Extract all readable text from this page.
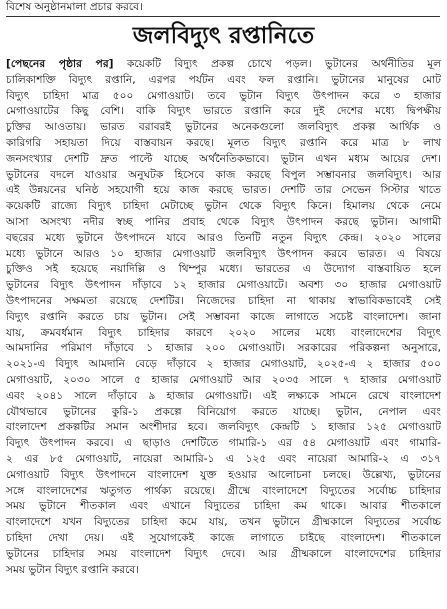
বিশেষ অনুষ্ঠানমালা প্রচার করবে।
জলবিদ্যুৎ রপ্তানিতে
[পেছনের পৃষ্ঠার পর] কয়েকটি বিদ্যুৎ প্রকল্প চোখে পড়ল। ভুটানের অর্থনীতির মূল
চালিকাশক্তি বিদ্যুৎ রপ্তানি, এরপর পর্যটন এবং ফল রপ্তানি। ভুটানের মানুষের মোট
বিদ্যুৎ চাহিদা মাত্র ৫০০ মেগাওয়াট। তবে ভুটান বিদ্যুৎ উৎপাদন করে ৩ হাজার
মেগাওয়াটের কিছু বেশি। বাকি বিদ্যুৎ ভারতে রপ্তানি করে দুই দেশের মধ্যে দ্বিপক্ষীয়
চুক্তির আওতায়। ভারত বরাবরই ভুটানের অনেকগুলো জলবিদ্যুৎ প্রকল্প আর্থিক ও
কারিগরি সহায়তা দিয়ে বাস্তবায়ন করছে। মূলত বিদ্যুৎ রপ্তানি করে মাত্র ৮ লাখ
জনসংখ্যার দেশটি দ্রুত পাল্টে যাচ্ছে অর্থনৈতিকভাবে। ভুটান এখন মধ্যম আয়ের দেশ।
ভুটানের বদলে যাওয়ার অনুঘটক হিসেবে কাজ করছে বিপুল সম্ভাবনার জলবিদ্যুৎ। আর
এই উন্নয়নের ঘনিষ্ঠ সহযোগী হয়ে কাজ করছে ভারত। দেশটি তার সেভেন সিস্টার খাতে
কয়েকটি রাজ্যে বিদ্যুৎ চাহিদা মেটাচ্ছে ভুটান থেকে বিদ্যুৎ কিনে। হিমালয় থেকে নেমে
আসা অসংখ্য নদীর স্বচ্ছ পানির প্রবাহ থেকে বিদ্যুৎ উৎপাদন করছে ভুটান। আগামী
বছরের মধ্যে ভুটানে উৎপাদনে যাবে আরও তিনটি নতুন বিদ্যুৎ কেন্দ্র। ২০২০ সালের
মধ্যে ভুটানে আরও ১০ হাজার মেগাওয়াট জলবিদ্যুৎ উৎপাদন করবে ভারত। এ বিষয়ে
চুক্তিও সই হয়েছে নয়াদিল্লি ও থিম্পুর মধ্যে। ভারতের এ উদ্যোগ বাস্তবায়িত হলে
ভুটানের বিদ্যুৎ উৎপাদন দাঁড়াবে ১২ হাজার মেগাওয়াটে। অবশ্য ৩০ হাজার মেগাওয়াট
উৎপাদনের সক্ষমতা রয়েছে দেশটির। নিজেদের চাহিদা না থাকায় স্বাভাবিকভাবেই সেই
বিদ্যুৎ রপ্তানি করতে চায় ভুটান। সেই সম্ভাবনা কাজে লাগাতে সচেষ্ট বাংলাদেশ। জানা
যায়, ক্রমবর্ধমান বিদ্যুৎ চাহিদার কারণে ২০২০ সালের মধ্যে বাংলাদেশের বিদ্যুৎ
আমদানির পরিমাণ দাঁড়াবে ১ হাজার ২০০ মেগাওয়াট। সরকারের পরিকল্পনা অনুসারে,
২০২১-এ বিদ্যুৎ আমদানি বেড়ে দাঁড়াবে ২ হাজার মেগাওয়াট, ২০২৫-এ ২ হাজার ৫০০
মেগাওয়াট, ২০৩০ সালে ৫ হাজার মেগাওয়াট আর ২০৩৫ সালে ৭ হাজার মেগাওয়াট
এবং ২০৪১ সালে দাঁড়াবে ৯ হাজার মেগাওয়াট। এই লক্ষ্যকে সামনে রেখে বাংলাদেশ
যৌথভাবে ভুটানের কুরি-১ প্রকল্পে বিনিয়োগ করতে যাচ্ছে। ভুটান, নেপাল এবং
বাংলাদেশ প্রকল্পটির সমান অংশীদার হবে। জলবিদ্যুৎ কেন্দ্রটি ১ হাজার ১২৫ মেগাওয়াট
বিদ্যুৎ উৎপাদন করবে। এ ছাড়াও দেশটিতে গামারি-১ এর ৫৪ মেগাওয়াট এবং গামারি-
২ এর ৮৫ মেগাওয়াট, নায়েরা আমারি-১ এ ১২৫ এবং নায়েরা আমারি-২ এ ৩১৭
মেগাওয়াট বিদ্যুৎ উৎপাদনে বাংলাদেশ যুক্ত হওয়ার আলোচনা চলছে। উল্লেখ্য, ভুটানের
সঙ্গে বাংলাদেশের ঋতুগত পার্থক্য রয়েছে। গ্রীষ্মে বাংলাদেশে বিদ্যুতের সর্বোচ্চ চাহিদার
সময় ভুটানে শীতকাল এবং এখানে বিদ্যুতের চাহিদা কম থাকে। আবার শীতকালে
বাংলাদেশে যখন বিদ্যুতের চাহিদা কমে যায়, তখন ভুটানে গ্রীষ্মকালে বিদ্যুতের সর্বোচ্চ
চাহিদা দেখা দেয়। এই সুযোগকেই কাজে লাগাতে চাইছে বাংলাদেশ। শীতকালে
ভুটানের চাহিদার সময় বাংলাদেশ বিদ্যুৎ দেবে। আর গ্রীষ্মকালে বাংলাদেশের চাহিদার
সময় ভুটান বিদ্যুৎ রপ্তানি করবে।
